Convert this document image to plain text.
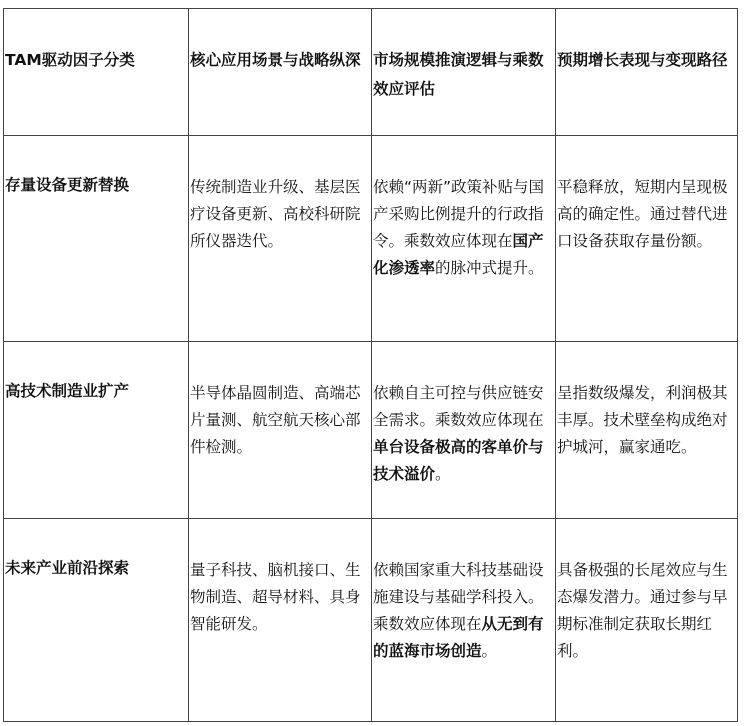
TAM驱动因子分类	核心应用场景与战略纵深	市场规模推演逻辑与乘数效应评估	预期增长表现与变现路径

存量设备更新替换	传统制造业升级、基层医疗设备更新、高校科研院所仪器迭代。	依赖“两新”政策补贴与国产采购比例提升的行政指令。乘数效应体现在国产化渗透率的脉冲式提升。	平稳释放，短期内呈现极高的确定性。通过替代进口设备获取存量份额。

高技术制造业扩产	半导体晶圆制造、高端芯片量测、航空航天核心部件检测。	依赖自主可控与供应链安全需求。乘数效应体现在单台设备极高的客单价与技术溢价。	呈指数级爆发，利润极其丰厚。技术壁垒构成绝对护城河，赢家通吃。

未来产业前沿探索	量子科技、脑机接口、生物制造、超导材料、具身智能研发。	依赖国家重大科技基础设施建设与基础学科投入。乘数效应体现在从无到有的蓝海市场创造。	具备极强的长尾效应与生态爆发潜力。通过参与早期标准制定获取长期红利。
